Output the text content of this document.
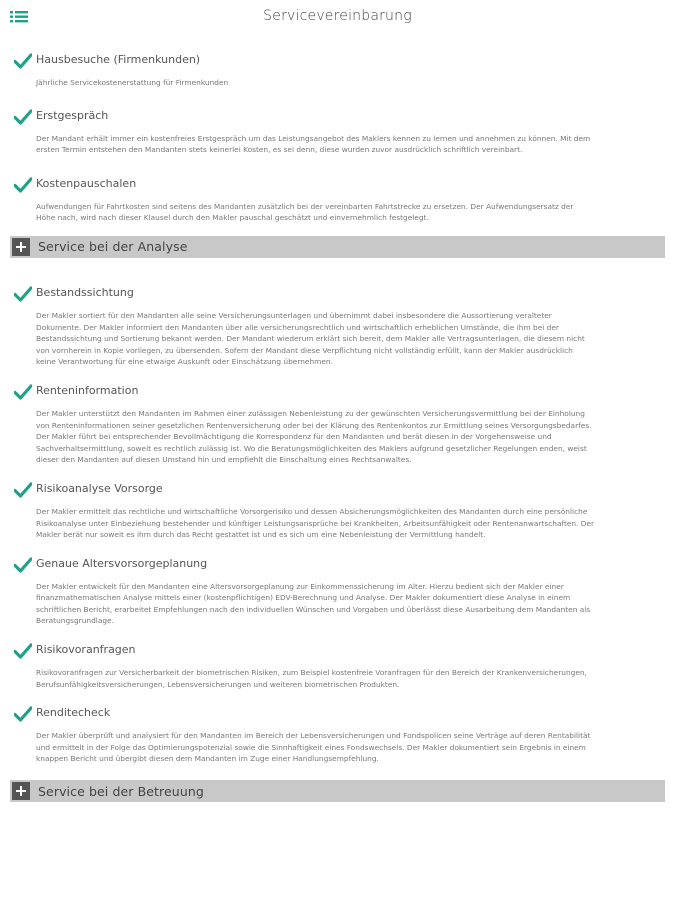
Servicevereinbarung
Hausbesuche (Firmenkunden)
Jährliche Servicekostenerstattung für Firmenkunden
Erstgespräch
Der Mandant erhält immer ein kostenfreies Erstgespräch um das Leistungsangebot des Maklers kennen zu lernen und annehmen zu können. Mit dem
ersten Termin entstehen den Mandanten stets keinerlei Kosten, es sei denn, diese wurden zuvor ausdrücklich schriftlich vereinbart.
Kostenpauschalen
Aufwendungen für Fahrtkosten sind seitens des Mandanten zusätzlich bei der vereinbarten Fahrtstrecke zu ersetzen. Der Aufwendungsersatz der
Höhe nach, wird nach dieser Klausel durch den Makler pauschal geschätzt und einvernehmlich festgelegt.
Service bei der Analyse
Bestandssichtung
Der Makler sortiert für den Mandanten alle seine Versicherungsunterlagen und übernimmt dabei insbesondere die Aussortierung veralteter
Dokumente. Der Makler informiert den Mandanten über alle versicherungsrechtlich und wirtschaftlich erheblichen Umstände, die ihm bei der
Bestandssichtung und Sortierung bekannt werden. Der Mandant wiederum erklärt sich bereit, dem Makler alle Vertragsunterlagen, die diesem nicht
von vornherein in Kopie vorliegen, zu übersenden. Sofern der Mandant diese Verpflichtung nicht vollständig erfüllt, kann der Makler ausdrücklich
keine Verantwortung für eine etwaige Auskunft oder Einschätzung übernehmen.
Renteninformation
Der Makler unterstützt den Mandanten im Rahmen einer zulässigen Nebenleistung zu der gewünschten Versicherungsvermittlung bei der Einholung
von Renteninformationen seiner gesetzlichen Rentenversicherung oder bei der Klärung des Rentenkontos zur Ermittlung seines Versorgungsbedarfes.
Der Makler führt bei entsprechender Bevollmächtigung die Korrespondenz für den Mandanten und berät diesen in der Vorgehensweise und
Sachverhaltsermittlung, soweit es rechtlich zulässig ist. Wo die Beratungsmöglichkeiten des Maklers aufgrund gesetzlicher Regelungen enden, weist
dieser den Mandanten auf diesen Umstand hin und empfiehlt die Einschaltung eines Rechtsanwaltes.
Risikoanalyse Vorsorge
Der Makler ermittelt das rechtliche und wirtschaftliche Vorsorgerisiko und dessen Absicherungsmöglichkeiten des Mandanten durch eine persönliche
Risikoanalyse unter Einbeziehung bestehender und künftiger Leistungsansprüche bei Krankheiten, Arbeitsunfähigkeit oder Rentenanwartschaften. Der
Makler berät nur soweit es ihm durch das Recht gestattet ist und es sich um eine Nebenleistung der Vermittlung handelt.
Genaue Altersvorsorgeplanung
Der Makler entwickelt für den Mandanten eine Altersvorsorgeplanung zur Einkommenssicherung im Alter. Hierzu bedient sich der Makler einer
finanzmathematischen Analyse mittels einer (kostenpflichtigen) EDV-Berechnung und Analyse. Der Makler dokumentiert diese Analyse in einem
schriftlichen Bericht, erarbeitet Empfehlungen nach den individuellen Wünschen und Vorgaben und überlässt diese Ausarbeitung dem Mandanten als
Beratungsgrundlage.
Risikovoranfragen
Risikovoranfragen zur Versicherbarkeit der biometrischen Risiken, zum Beispiel kostenfreie Voranfragen für den Bereich der Krankenversicherungen,
Berufsunfähigkeitsversicherungen, Lebensversicherungen und weiteren biometrischen Produkten.
Renditecheck
Der Makler überprüft und analysiert für den Mandanten im Bereich der Lebensversicherungen und Fondspolicen seine Verträge auf deren Rentabilität
und ermittelt in der Folge das Optimierungspotenzial sowie die Sinnhaftigkeit eines Fondswechsels. Der Makler dokumentiert sein Ergebnis in einem
knappen Bericht und übergibt diesen dem Mandanten im Zuge einer Handlungsempfehlung.
Service bei der Betreuung
